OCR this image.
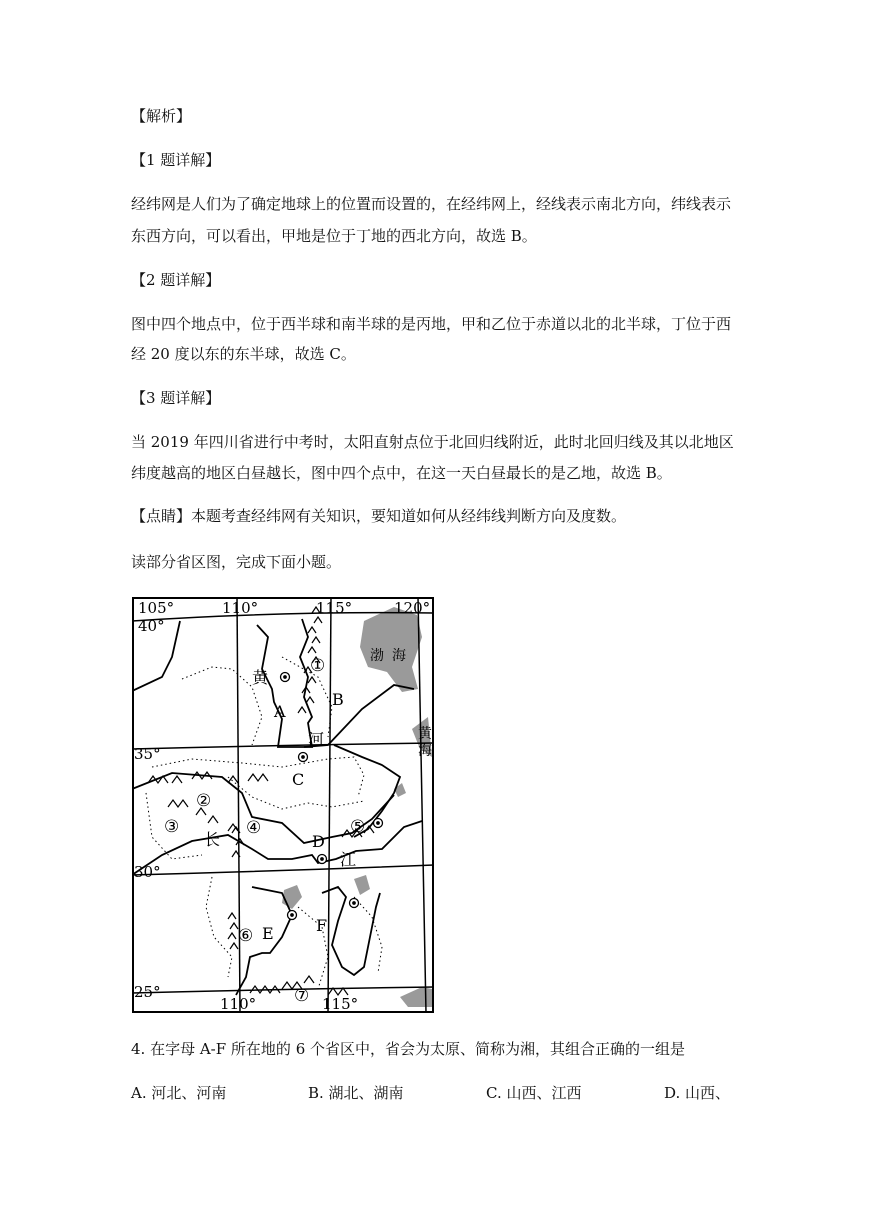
【解析】
【1 题详解】
经纬网是人们为了确定地球上的位置而设置的，在经纬网上，经线表示南北方向，纬线表示
东西方向，可以看出，甲地是位于丁地的西北方向，故选 B。
【2 题详解】
图中四个地点中，位于西半球和南半球的是丙地，甲和乙位于赤道以北的北半球，丁位于西
经 20 度以东的东半球，故选 C。
【3 题详解】
当 2019 年四川省进行中考时，太阳直射点位于北回归线附近，此时北回归线及其以北地区
纬度越高的地区白昼越长，图中四个点中，在这一天白昼最长的是乙地，故选 B。
【点睛】本题考查经纬网有关知识，要知道如何从经纬线判断方向及度数。
读部分省区图，完成下面小题。
105°	110°	115°	120°
110°	115°
40°
35°
30°
25°
渤 海
黄
海
黄
河
长
江
A
B
C
D
E	F
①
②
③	④	⑤
⑥
⑦
4. 在字母 A-F 所在地的 6 个省区中，省会为太原、简称为湘，其组合正确的一组是
A. 河北、河南	B. 湖北、湖南	C. 山西、江西	D. 山西、
